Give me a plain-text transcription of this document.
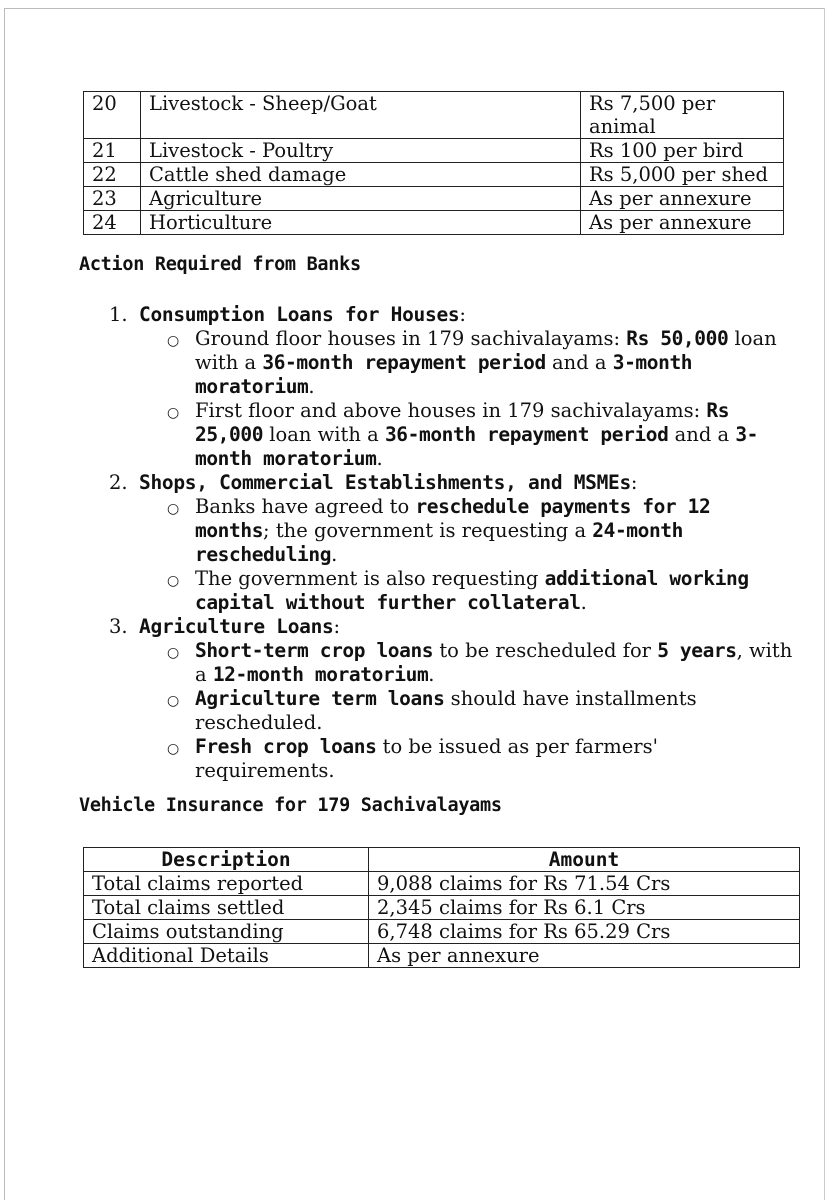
20	Livestock - Sheep/Goat	Rs 7,500 per animal
21	Livestock - Poultry	Rs 100 per bird
22	Cattle shed damage	Rs 5,000 per shed
23	Agriculture	As per annexure
24	Horticulture	As per annexure
Action Required from Banks
1. Consumption Loans for Houses:
○ Ground floor houses in 179 sachivalayams: Rs 50,000 loan with a 36-month repayment period and a 3-month moratorium.
○ First floor and above houses in 179 sachivalayams: Rs 25,000 loan with a 36-month repayment period and a 3-month moratorium.
2. Shops, Commercial Establishments, and MSMEs:
○ Banks have agreed to reschedule payments for 12 months; the government is requesting a 24-month rescheduling.
○ The government is also requesting additional working capital without further collateral.
3. Agriculture Loans:
○ Short-term crop loans to be rescheduled for 5 years, with a 12-month moratorium.
○ Agriculture term loans should have installments rescheduled.
○ Fresh crop loans to be issued as per farmers' requirements.
Vehicle Insurance for 179 Sachivalayams
Description	Amount
Total claims reported	9,088 claims for Rs 71.54 Crs
Total claims settled	2,345 claims for Rs 6.1 Crs
Claims outstanding	6,748 claims for Rs 65.29 Crs
Additional Details	As per annexure
